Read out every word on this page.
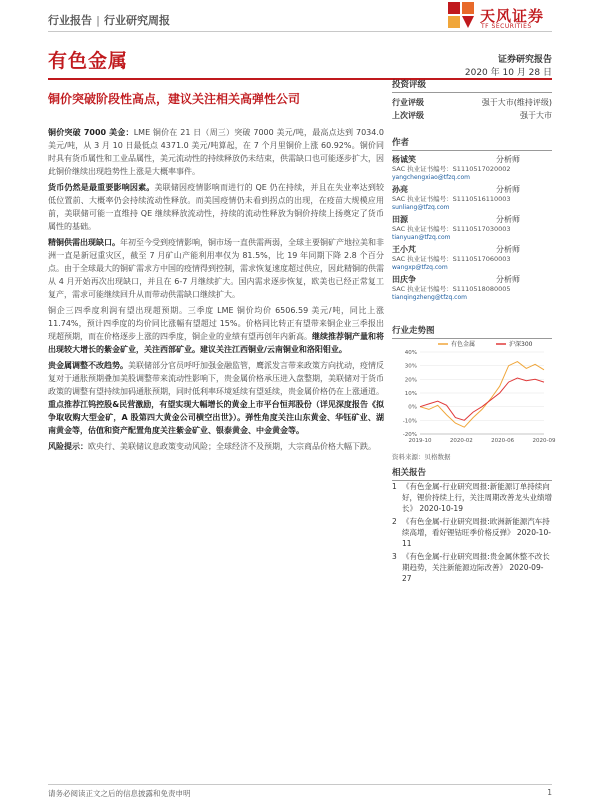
行业报告 | 行业研究周报	天风证券
TF SECURITIES
有色金属	证券研究报告
2020 年 10 月 28 日
铜价突破阶段性高点，建议关注相关高弹性公司

铜价突破 7000 美金：LME 铜价在 21 日（周三）突破 7000 美元/吨，最高点达到 7034.0 美元/吨，从 3 月 10 日最低点 4371.0 美元/吨算起，在 7 个月里铜价上涨 60.92%。铜价同时具有货币属性和工业品属性，美元流动性的持续释放仍未结束，供需缺口也可能逐步扩大，因此铜价继续出现趋势性上涨是大概率事件。

货币仍然是最重要影响因素。美联储因疫情影响而进行的 QE 仍在持续，并且在失业率达到较低位置前、大概率仍会持续流动性释放。而美国疫情仍未看到拐点的出现，在疫苗大规模应用前，美联储可能一直维持 QE 继续释放流动性，持续的流动性释放为铜价持续上扬奠定了货币属性的基础。

精铜供需出现缺口。年初至今受到疫情影响，铜市场一直供需两弱，全球主要铜矿产地拉美和非洲一直是新冠重灾区，截至 7 月矿山产能利用率仅为 81.5%，比 19 年同期下降 2.8 个百分点。由于全球最大的铜矿需求方中国的疫情得到控制，需求恢复速度超过供应，因此精铜的供需从 4 月开始再次出现缺口，并且在 6-7 月继续扩大。国内需求逐步恢复，欧美也已经正常复工复产，需求可能继续回升从而带动供需缺口继续扩大。

铜企三四季度利润有望出现超预期。三季度 LME 铜价均价 6506.59 美元/吨，同比上涨 11.74%，预计四季度的均价同比涨幅有望超过 15%。价格同比转正有望带来铜企业三季报出现超预期，而在价格逐步上涨的四季度，铜企业的业绩有望再创年内新高。继续推荐铜产量和将出现较大增长的紫金矿业，关注西部矿业。建议关注江西铜业/云南铜业和洛阳钼业。

贵金属调整不改趋势。美联储部分官员呼吁加强金融监管，鹰派发言带来政策方向扰动，疫情反复对于通胀预期叠加美股调整带来流动性影响下，贵金属价格承压进入盘整期，美联储对于货币政策的调整有望持续加码通胀预期，同时低利率环境延续有望延续，贵金属价格仍在上涨通道。重点推荐江钨控股&民营激励，有望实现大幅增长的黄金上市平台恒邦股份（详见深度报告《拟争取收购大型金矿，A 股第四大黄金公司横空出世》）。弹性角度关注山东黄金、华钰矿业、湖南黄金等，估值和资产配置角度关注紫金矿业、银泰黄金、中金黄金等。

风险提示：欧央行、美联储议息政策变动风险；全球经济不及预期，大宗商品价格大幅下跌。

投资评级
行业评级	强于大市(维持评级)
上次评级	强于大市
作者
杨诚笑	分析师
SAC 执业证书编号：S1110517020002
yangchengxiao@tfzq.com
孙亮	分析师
SAC 执业证书编号：S1110516110003
sunliang@tfzq.com
田源	分析师
SAC 执业证书编号：S1110517030003
tianyuan@tfzq.com
王小芃	分析师
SAC 执业证书编号：S1110517060003
wangxp@tfzq.com
田庆争	分析师
SAC 执业证书编号：S1110518080005
tianqingzheng@tfzq.com
行业走势图
40%
30%
20%
10%
0%
-10%
-20%
2019-10	2020-02	2020-06	2020-09
有色金属	沪深300
资料来源：贝格数据
相关报告
1 《有色金属-行业研究周报:新能源订单持续向好，锂价持续上行，关注周期改善龙头业绩增长》 2020-10-19
2 《有色金属-行业研究周报:欧洲新能源汽车持续高增，看好锂钴旺季价格反弹》 2020-10-11
3 《有色金属-行业研究周报:贵金属休整不改长期趋势，关注新能源边际改善》 2020-09-27
请务必阅读正文之后的信息披露和免责申明	1
